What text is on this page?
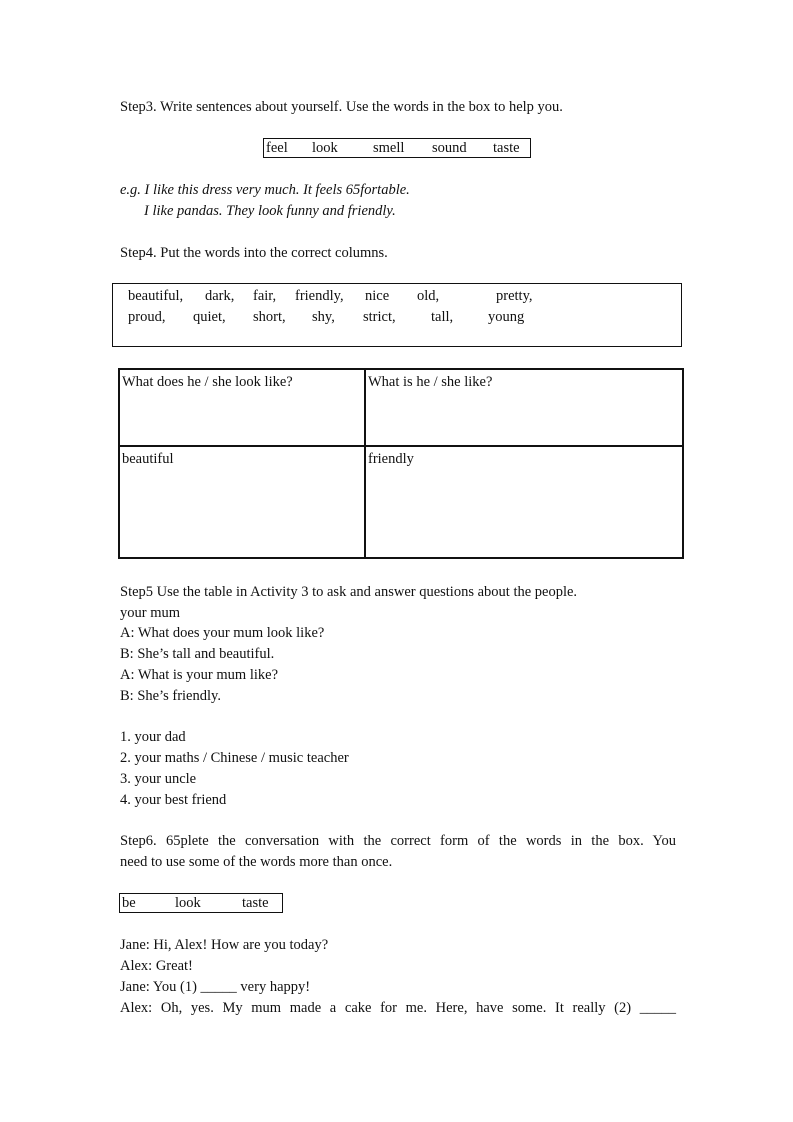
Step3. Write sentences about yourself. Use the words in the box to help you.
feel look smell sound taste
e.g. I like this dress very much. It feels 65fortable.
I like pandas. They look funny and friendly.
Step4. Put the words into the correct columns.
beautiful, dark, fair, friendly, nice old,	pretty,
proud, quiet, short, shy, strict, tall, young
What does he / she look like?	What is he / she like?
beautiful	friendly
Step5 Use the table in Activity 3 to ask and answer questions about the people.
your mum
A: What does your mum look like?
B: She’s tall and beautiful.
A: What is your mum like?
B: She’s friendly.
1. your dad
2. your maths / Chinese / music teacher
3. your uncle
4. your best friend
Step6. 65plete the conversation with the correct form of the words in the box. You
need to use some of the words more than once.
be	look	taste
Jane: Hi, Alex! How are you today?
Alex: Great!
Jane: You (1) _____ very happy!
Alex: Oh, yes. My mum made a cake for me. Here, have some. It really (2) _____
